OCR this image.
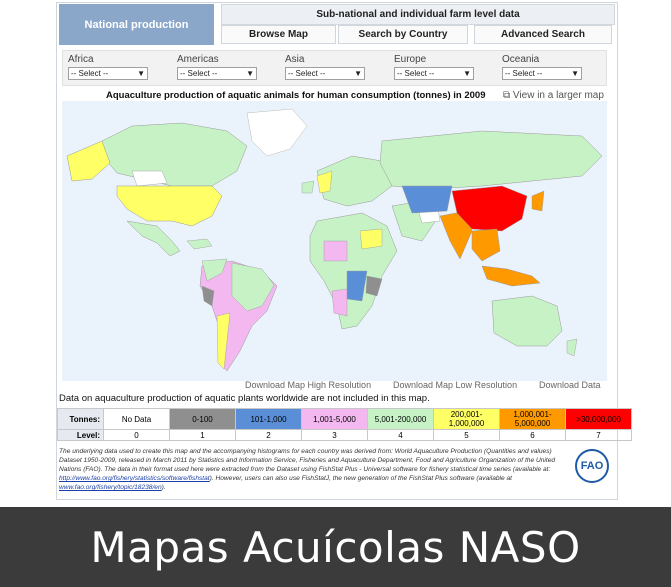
National production
Sub-national and individual farm level data
Browse Map	Search by Country	Advanced Search
Africa
-- Select --	▼
Americas
-- Select --	▼
Asia
-- Select --	▼
Europe
-- Select --	▼
Oceania
-- Select --	▼
Aquaculture production of aquatic animals for human consumption (tonnes) in 2009 ⧉ View in a larger map
Download Map High Resolution Download Map Low Resolution Download Data
Data on aquaculture production of aquatic plants worldwide are not included in this map.
Tonnes:	No Data	0-100	101-1,000	1,001-5,000	5,001-200,000	200,001-1,000,000	1,000,001-5,000,000	>30,000,000
Level:	0	1	2	3	4	5	6	7
The underlying data used to create this map and the accompanying histograms for each country was derived from: World Aquaculture Production (Quantities and values) Dataset 1950-2009, released in March 2011 by Statistics and Information Service, Fisheries and Aquaculture Department, Food and Agriculture Organization of the United Nations (FAO). The data in their format used here were extracted from the Dataset using FishStat Plus - Universal software for fishery statistical time series (available at: http://www.fao.org/fishery/statistics/software/fishstat). However, users can also use FishStatJ, the new generation of the FishStat Plus software (available at www.fao.org/fishery/topic/18238/en).
FAO
Mapas Acuícolas NASO
